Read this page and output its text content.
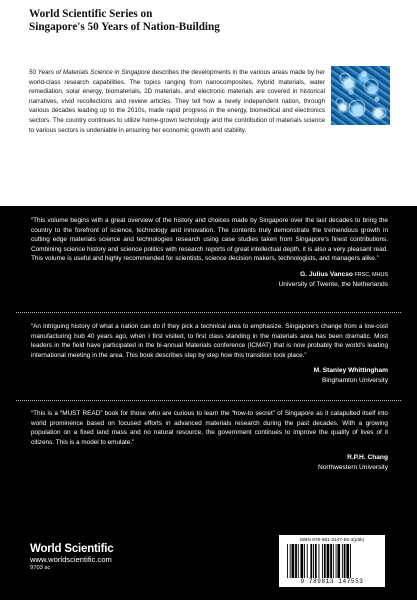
World Scientific Series on
Singapore's 50 Years of Nation-Building
50 Years of Materials Science in Singapore describes the developments in the various areas made by her world-class research capabilities. The topics ranging from nanocomposites, hybrid materials, water remediation, solar energy, biomaterials, 2D materials, and electronic materials are covered in historical narratives, vivid recollections and review articles. They tell how a newly independent nation, through various decades leading up to the 2010s, made rapid progress in the energy, biomedical and electronics sectors. The country continues to utilize home-grown technology and the contribution of materials science to various sectors is undeniable in ensuring her economic growth and stability.
“This volume begins with a great overview of the history and choices made by Singapore over the last decades to bring the country to the forefront of science, technology and innovation. The contents truly demonstrate the tremendous growth in cutting edge materials science and technologies research using case studies taken from Singapore's finest contributions. Combining science history and science politics with research reports of great intellectual depth, it is also a very pleasant read. This volume is useful and highly recommended for scientists, science decision makers, technologists, and managers alike.”
G. Julius Vancso FRSC, MHUS
University of Twente, the Netherlands
“An intriguing history of what a nation can do if they pick a technical area to emphasize. Singapore's change from a low-cost manufacturing hub 40 years ago, when I first visited, to first class standing in the materials area has been dramatic. Most leaders in the field have participated in the bi-annual Materials conference (ICMAT) that is now probably the world's leading international meeting in the area. This book describes step by step how this transition took place.”
M. Stanley Whittingham
Binghamton University
“This is a “MUST READ” book for those who are curious to learn the “how-to secret” of Singapore as it catapulted itself into world prominence based on focused efforts in advanced materials research during the past decades. With a growing population on a fixed land mass and no natural resource, the government continues to improve the quality of lives of it citizens. This is a model to emulate.”
R.P.H. Chang
Northwestern University
World Scientific
www.worldscientific.com
9703 sc
ISBN 978-981-3147-55-3(pbk)
9 789813 147553
